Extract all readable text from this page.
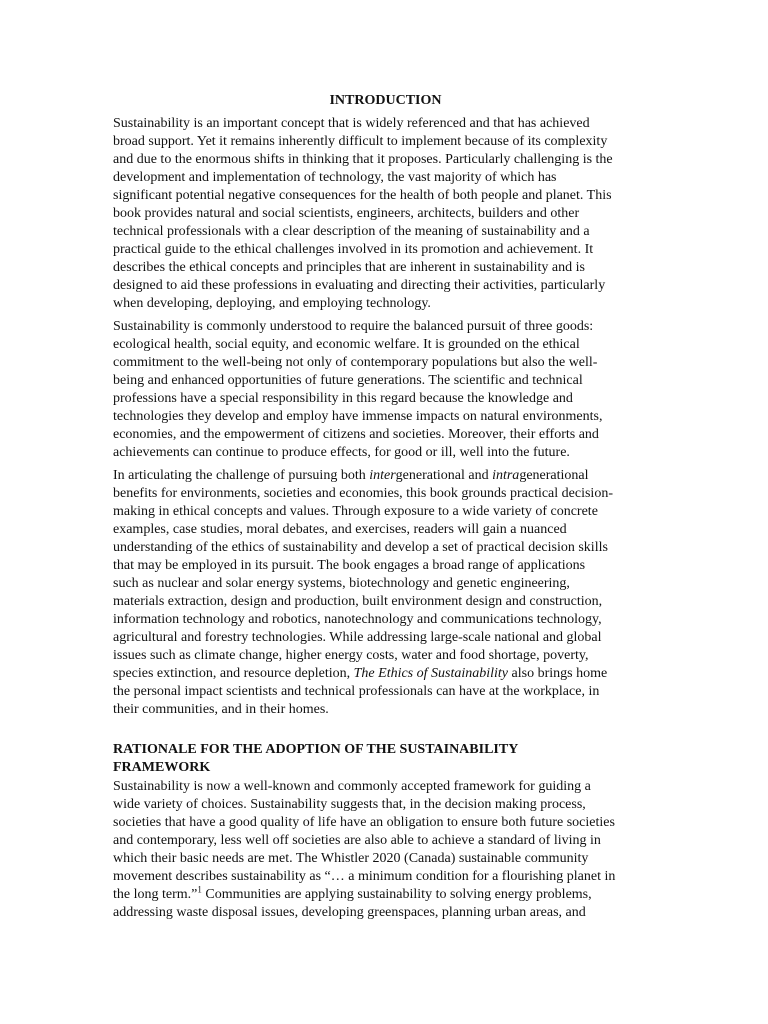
INTRODUCTION

Sustainability is an important concept that is widely referenced and that has achieved
broad support. Yet it remains inherently difficult to implement because of its complexity
and due to the enormous shifts in thinking that it proposes. Particularly challenging is the
development and implementation of technology, the vast majority of which has
significant potential negative consequences for the health of both people and planet. This
book provides natural and social scientists, engineers, architects, builders and other
technical professionals with a clear description of the meaning of sustainability and a
practical guide to the ethical challenges involved in its promotion and achievement. It
describes the ethical concepts and principles that are inherent in sustainability and is
designed to aid these professions in evaluating and directing their activities, particularly
when developing, deploying, and employing technology.

Sustainability is commonly understood to require the balanced pursuit of three goods:
ecological health, social equity, and economic welfare. It is grounded on the ethical
commitment to the well-being not only of contemporary populations but also the well-
being and enhanced opportunities of future generations. The scientific and technical
professions have a special responsibility in this regard because the knowledge and
technologies they develop and employ have immense impacts on natural environments,
economies, and the empowerment of citizens and societies. Moreover, their efforts and
achievements can continue to produce effects, for good or ill, well into the future.

In articulating the challenge of pursuing both intergenerational and intragenerational
benefits for environments, societies and economies, this book grounds practical decision-
making in ethical concepts and values. Through exposure to a wide variety of concrete
examples, case studies, moral debates, and exercises, readers will gain a nuanced
understanding of the ethics of sustainability and develop a set of practical decision skills
that may be employed in its pursuit. The book engages a broad range of applications
such as nuclear and solar energy systems, biotechnology and genetic engineering,
materials extraction, design and production, built environment design and construction,
information technology and robotics, nanotechnology and communications technology,
agricultural and forestry technologies. While addressing large-scale national and global
issues such as climate change, higher energy costs, water and food shortage, poverty,
species extinction, and resource depletion, The Ethics of Sustainability also brings home
the personal impact scientists and technical professionals can have at the workplace, in
their communities, and in their homes.

RATIONALE FOR THE ADOPTION OF THE SUSTAINABILITY
FRAMEWORK

Sustainability is now a well-known and commonly accepted framework for guiding a
wide variety of choices. Sustainability suggests that, in the decision making process,
societies that have a good quality of life have an obligation to ensure both future societies
and contemporary, less well off societies are also able to achieve a standard of living in
which their basic needs are met. The Whistler 2020 (Canada) sustainable community
movement describes sustainability as “… a minimum condition for a flourishing planet in
the long term.”$^1$ Communities are applying sustainability to solving energy problems,
addressing waste disposal issues, developing greenspaces, planning urban areas, and
